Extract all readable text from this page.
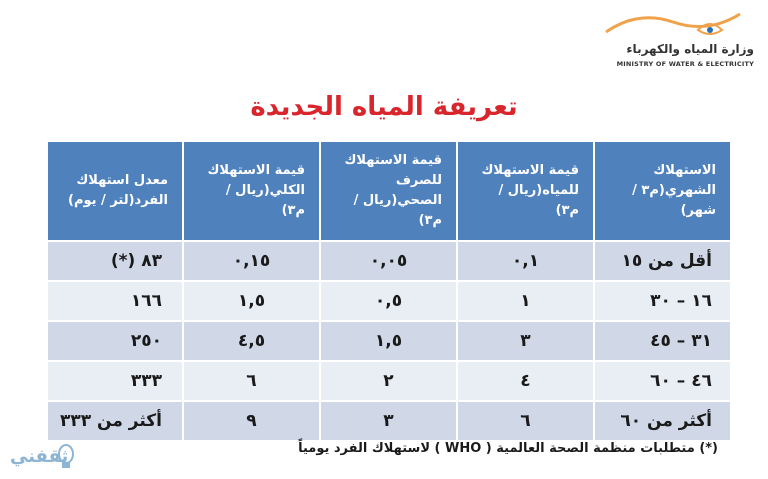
وزارة المياه والكهرباء
MINISTRY OF WATER & ELECTRICITY
تعريفة المياه الجديدة
الاستهلاك الشهري(م٣ / شهر)	قيمة الاستهلاك للمياه(ريال / م٣)	قيمة الاستهلاك للصرف الصحي(ريال / م٣)	قيمة الاستهلاك الكلي(ريال / م٣)	معدل استهلاك الفرد(لتر / يوم)
أقل من ١٥	٠,١	٠,٠٥	٠,١٥	٨٣ (*)
١٦ – ٣٠	١	٠,٥	١,٥	١٦٦
٣١ – ٤٥	٣	١,٥	٤,٥	٢٥٠
٤٦ – ٦٠	٤	٢	٦	٣٣٣
أكثر من ٦٠	٦	٣	٩	أكثر من ٣٣٣
(*) متطلبات منظمة الصحة العالمية ( WHO ) لاستهلاك الفرد يومياً
ثقفني
